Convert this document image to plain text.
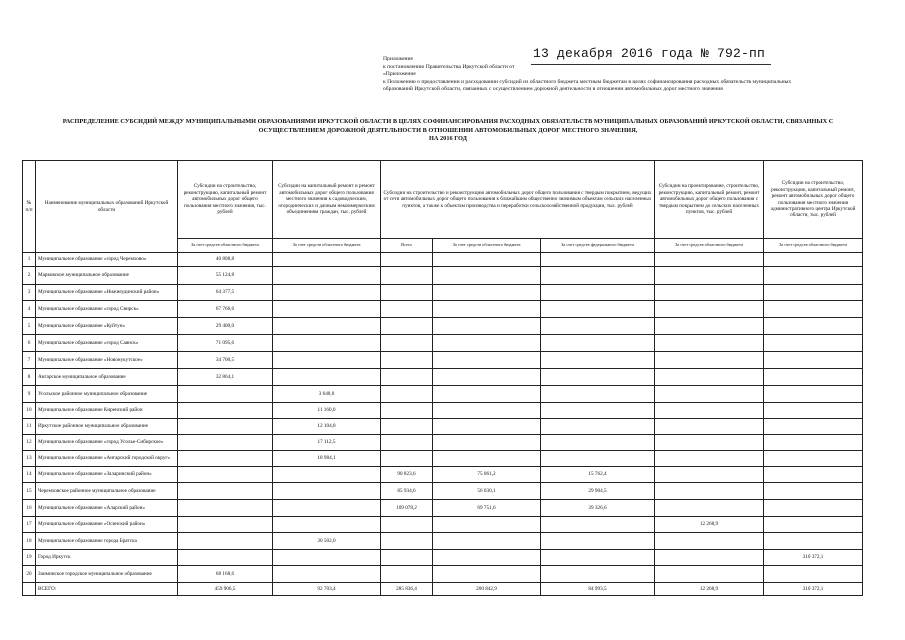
Приложение
к постановлению Правительства Иркутской области от
«Приложение
к Положению о предоставлении и расходовании субсидий из областного бюджета местным бюджетам в целях софинансирования расходных обязательств муниципальных
образований Иркутской области, связанных с осуществлением дорожной деятельности в отношении автомобильных дорог местного значения
13 декабря 2016 года № 792-пп
РАСПРЕДЕЛЕНИЕ СУБСИДИЙ МЕЖДУ МУНИЦИПАЛЬНЫМИ ОБРАЗОВАНИЯМИ ИРКУТСКОЙ ОБЛАСТИ В ЦЕЛЯХ СОФИНАНСИРОВАНИЯ РАСХОДНЫХ ОБЯЗАТЕЛЬСТВ МУНИЦИПАЛЬНЫХ ОБРАЗОВАНИЙ ИРКУТСКОЙ ОБЛАСТИ, СВЯЗАННЫХ С
ОСУЩЕСТВЛЕНИЕМ ДОРОЖНОЙ ДЕЯТЕЛЬНОСТИ В ОТНОШЕНИИ АВТОМОБИЛЬНЫХ ДОРОГ МЕСТНОГО ЗНАЧЕНИЯ,
НА 2016 ГОД
№ п/п	Наименование муниципальных образований Иркутской области	Субсидии на строительство, реконструкцию, капитальный ремонт автомобильных дорог общего пользования местного значения, тыс. рублей	Субсидии на капитальный ремонт и ремонт автомобильных дорог общего пользования местного значения к садоводческим, огороднических и дачным некоммерческим объединениям граждан, тыс. рублей	Субсидии на строительство и реконструкцию автомобильных дорог общего пользования с твердым покрытием, ведущих от сети автомобильных дорог общего пользования к ближайшим общественно значимым объектам сельских населенных пунктов, а также к объектам производства и переработки сельскохозяйственной продукции, тыс. рублей			Субсидии на проектирование, строительство, реконструкцию, капитальный ремонт, ремонт автомобильных дорог общего пользования с твердым покрытием до сельских населенных пунктов, тыс. рублей	Субсидии на строительство, реконструкцию, капитальный ремонт, ремонт автомобильных дорог общего пользования местного значения административного центра Иркутской области, тыс. рублей
		За счет средств областного бюджета	За счет средств областного бюджета	Всего	За счет средств областного бюджета	За счет средств федерального бюджета	За счет средств областного бюджета	За счет средств областного бюджета
1	Муниципальное образование «город Черемхово»	40 808,8						
2	Марковское муниципальное образование	55 124,8						
3	Муниципальное образование «Нижнеудинский район»	64 377,5						
4	Муниципальное образование «город Свирск»	67 766,6						
5	Муниципальное образование «Куйтун»	29 400,0						
6	Муниципальное образование «город Саянск»	71 095,6						
7	Муниципальное образование «Новонукутское»	34 700,5						
8	Ангарское муниципальное образование	32 864,1						
9	Усольское районное муниципальное образование		3 640,0					
10	Муниципальное образование Киренский район		11 160,0					
11	Иркутское районное муниципальное образование		12 104,8					
12	Муниципальное образование «город Усолье-Сибирское»		17 112,5					
13	Муниципальное образование «Ангарский городской округ»		18 984,1					
14	Муниципальное образование «Заларинский район»			90 823,6	75 061,2	15 762,4		
15	Черемховское районное муниципальное образование			85 934,6	56 030,1	29 904,5		
16	Муниципальное образование «Аларский район»			109 078,2	69 751,6	39 326,6		
17	Муниципальное образование «Осинский район»						12 268,9	
18	Муниципальное образование города Братска		30 502,0					
19	Город Иркутск							310 372,1
20	Заиминское городское муниципальное образование	68 168,6						
	ВСЕГО:	459 906,5	92 703,4	285 836,4	200 842,9	84 993,5	12 268,9	310 372,1
